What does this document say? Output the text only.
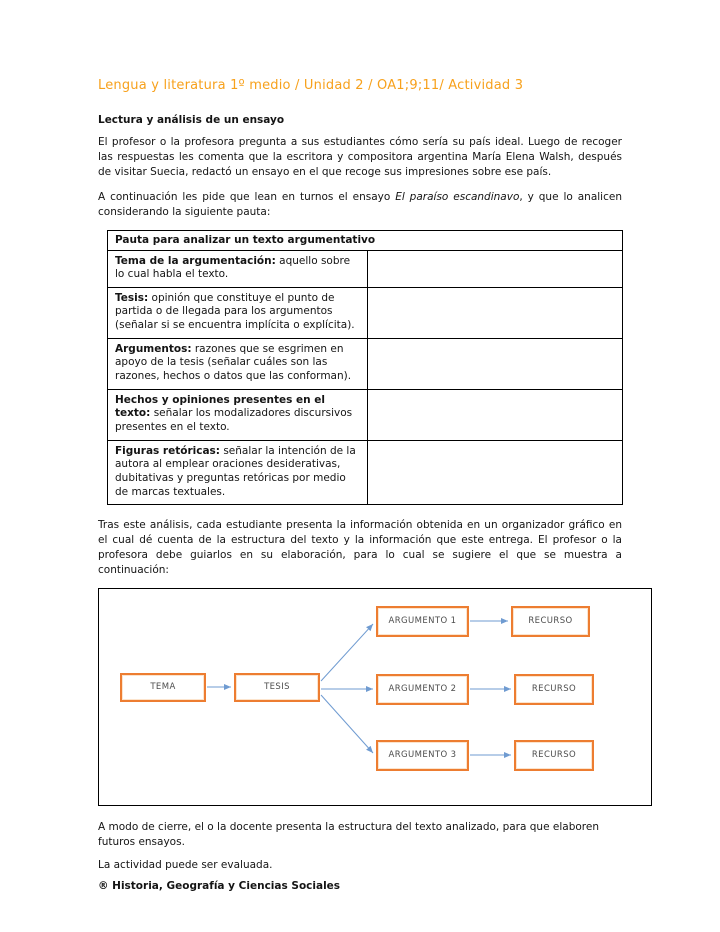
Lengua y literatura 1º medio / Unidad 2 / OA1;9;11/ Actividad 3
Lectura y análisis de un ensayo

El profesor o la profesora pregunta a sus estudiantes cómo sería su país ideal. Luego de recoger las respuestas les comenta que la escritora y compositora argentina María Elena Walsh, después de visitar Suecia, redactó un ensayo en el que recoge sus impresiones sobre ese país.

A continuación les pide que lean en turnos el ensayo El paraíso escandinavo, y que lo analicen considerando la siguiente pauta:

Pauta para analizar un texto argumentativo	
Tema de la argumentación: aquello sobre lo cual habla el texto.	
Tesis: opinión que constituye el punto de partida o de llegada para los argumentos (señalar si se encuentra implícita o explícita).	
Argumentos: razones que se esgrimen en apoyo de la tesis (señalar cuáles son las razones, hechos o datos que las conforman).	
Hechos y opiniones presentes en el texto: señalar los modalizadores discursivos presentes en el texto.	
Figuras retóricas: señalar la intención de la autora al emplear oraciones desiderativas, dubitativas y preguntas retóricas por medio de marcas textuales.	

Tras este análisis, cada estudiante presenta la información obtenida en un organizador gráfico en el cual dé cuenta de la estructura del texto y la información que este entrega. El profesor o la profesora debe guiarlos en su elaboración, para lo cual se sugiere el que se muestra a continuación:

TEMA	TESIS
ARGUMENTO 1	RECURSO
ARGUMENTO 2	RECURSO
ARGUMENTO 3	RECURSO

A modo de cierre, el o la docente presenta la estructura del texto analizado, para que elaboren futuros ensayos.

La actividad puede ser evaluada.

® Historia, Geografía y Ciencias Sociales
